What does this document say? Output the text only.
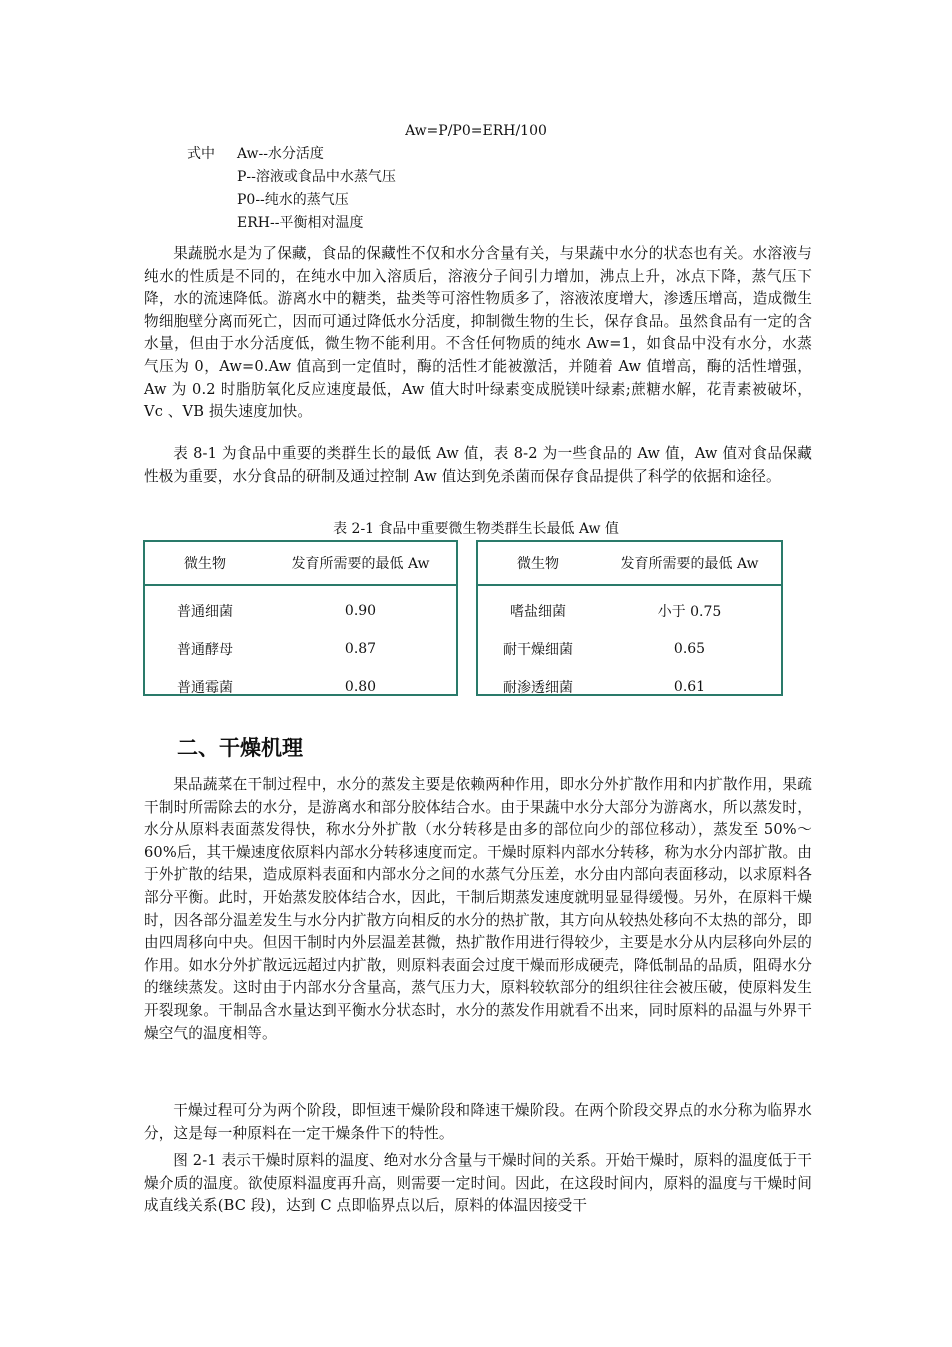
Aw=P/P0=ERH/100
式中	Aw --水分活度
P --溶液或食品中水蒸气压
P0 --纯水的蒸气压
ERH --平衡相对温度

果蔬脱水是为了保藏，食品的保藏性不仅和水分含量有关，与果蔬中水分的状态也有关。水溶液与纯水的性质是不同的，在纯水中加入溶质后，溶液分子间引力增加，沸点上升，冰点下降，蒸气压下降，水的流速降低。游离水中的糖类，盐类等可溶性物质多了，溶液浓度增大，渗透压增高，造成微生物细胞壁分离而死亡，因而可通过降低水分活度，抑制微生物的生长，保存食品。虽然食品有一定的含水量，但由于水分活度低，微生物不能利用。不含任何物质的纯水 Aw=1，如食品中没有水分，水蒸气压为 0，Aw=0.Aw 值高到一定值时，酶的活性才能被激活，并随着 Aw 值增高，酶的活性增强，Aw 为 0.2 时脂肪氧化反应速度最低，Aw 值大时叶绿素变成脱镁叶绿素;蔗糖水解，花青素被破坏，Vc 、VB 损失速度加快。

表 8-1 为食品中重要的类群生长的最低 Aw 值，表 8-2 为一些食品的 Aw 值，Aw 值对食品保藏性极为重要，水分食品的研制及通过控制 Aw 值达到免杀菌而保存食品提供了科学的依据和途径。

表 2-1 食品中重要微生物类群生长最低 Aw 值
微生物	发育所需要的最低 Aw
普通细菌	0.90
普通酵母	0.87
普通霉菌	0.80
微生物	发育所需要的最低 Aw
嗜盐细菌	小于 0.75
耐干燥细菌	0.65
耐渗透细菌	0.61
二、干燥机理

果品蔬菜在干制过程中，水分的蒸发主要是依赖两种作用，即水分外扩散作用和内扩散作用，果疏干制时所需除去的水分，是游离水和部分胶体结合水。由于果蔬中水分大部分为游离水，所以蒸发时，水分从原料表面蒸发得快，称水分外扩散（水分转移是由多的部位向少的部位移动），蒸发至 50%～60%后，其干燥速度依原料内部水分转移速度而定。干燥时原料内部水分转移，称为水分内部扩散。由于外扩散的结果，造成原料表面和内部水分之间的水蒸气分压差，水分由内部向表面移动，以求原料各部分平衡。此时，开始蒸发胶体结合水，因此，干制后期蒸发速度就明显显得缓慢。另外，在原料干燥时，因各部分温差发生与水分内扩散方向相反的水分的热扩散，其方向从较热处移向不太热的部分，即由四周移向中央。但因干制时内外层温差甚微，热扩散作用进行得较少，主要是水分从内层移向外层的作用。如水分外扩散远远超过内扩散，则原料表面会过度干燥而形成硬壳，降低制品的品质，阻碍水分的继续蒸发。这时由于内部水分含量高，蒸气压力大，原料较软部分的组织往往会被压破，使原料发生开裂现象。干制品含水量达到平衡水分状态时，水分的蒸发作用就看不出来，同时原料的品温与外界干燥空气的温度相等。

干燥过程可分为两个阶段，即恒速干燥阶段和降速干燥阶段。在两个阶段交界点的水分称为临界水分，这是每一种原料在一定干燥条件下的特性。

图 2-1 表示干燥时原料的温度、绝对水分含量与干燥时间的关系。开始干燥时，原料的温度低于干燥介质的温度。欲使原料温度再升高，则需要一定时间。因此，在这段时间内，原料的温度与干燥时间成直线关系(BC 段)，达到 C 点即临界点以后，原料的体温因接受干
